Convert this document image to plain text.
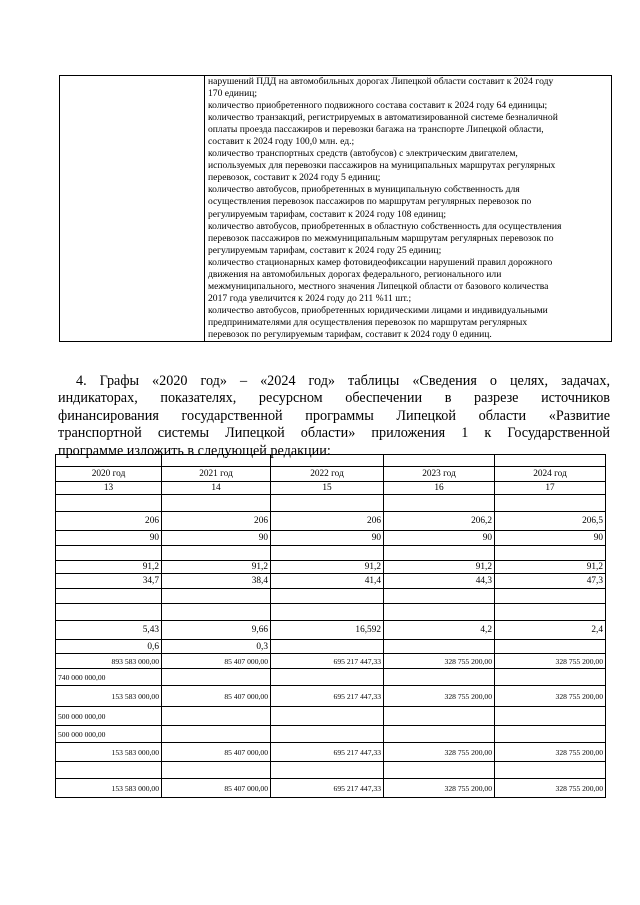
нарушений ПДД на автомобильных дорогах Липецкой области составит к 2024 году
170 единиц;
количество приобретенного подвижного состава составит к 2024 году 64 единицы;
количество транзакций, регистрируемых в автоматизированной системе безналичной
оплаты проезда пассажиров и перевозки багажа на транспорте Липецкой области,
составит к 2024 году 100,0 млн. ед.;
количество транспортных средств (автобусов) с электрическим двигателем,
используемых для перевозки пассажиров на муниципальных маршрутах регулярных
перевозок, составит к 2024 году 5 единиц;
количество автобусов, приобретенных в муниципальную собственность для
осуществления перевозок пассажиров по маршрутам регулярных перевозок по
регулируемым тарифам, составит к 2024 году 108 единиц;
количество автобусов, приобретенных в областную собственность для осуществления
перевозок пассажиров по межмуниципальным маршрутам регулярных перевозок по
регулируемым тарифам, составит к 2024 году 25 единиц;
количество стационарных камер фотовидеофиксации нарушений правил дорожного
движения на автомобильных дорогах федерального, регионального или
межмуниципального, местного значения Липецкой области от базового количества
2017 года увеличится к 2024 году до 211 %11 шт.;
количество автобусов, приобретенных юридическими лицами и индивидуальными
предпринимателями для осуществления перевозок по маршрутам регулярных
перевозок по регулируемым тарифам, составит к 2024 году 0 единиц.
4. Графы «2020 год» – «2024 год» таблицы «Сведения о целях, задачах,
индикаторах, показателях, ресурсном обеспечении в разрезе источников
финансирования государственной программы Липецкой области «Развитие
транспортной системы Липецкой области» приложения 1 к Государственной
программе изложить в следующей редакции:

2020 год	2021 год	2022 год	2023 год	2024 год
13	14	15	16	17

206	206	206	206,2	206,5
90	90	90	90	90

91,2	91,2	91,2	91,2	91,2
34,7	38,4	41,4	44,3	47,3

5,43	9,66	16,592	4,2	2,4
0,6	0,3			
893 583 000,00	85 407 000,00	695 217 447,33	328 755 200,00	328 755 200,00
740 000 000,00				
153 583 000,00	85 407 000,00	695 217 447,33	328 755 200,00	328 755 200,00
500 000 000,00				
500 000 000,00				
153 583 000,00	85 407 000,00	695 217 447,33	328 755 200,00	328 755 200,00

153 583 000,00	85 407 000,00	695 217 447,33	328 755 200,00	328 755 200,00
